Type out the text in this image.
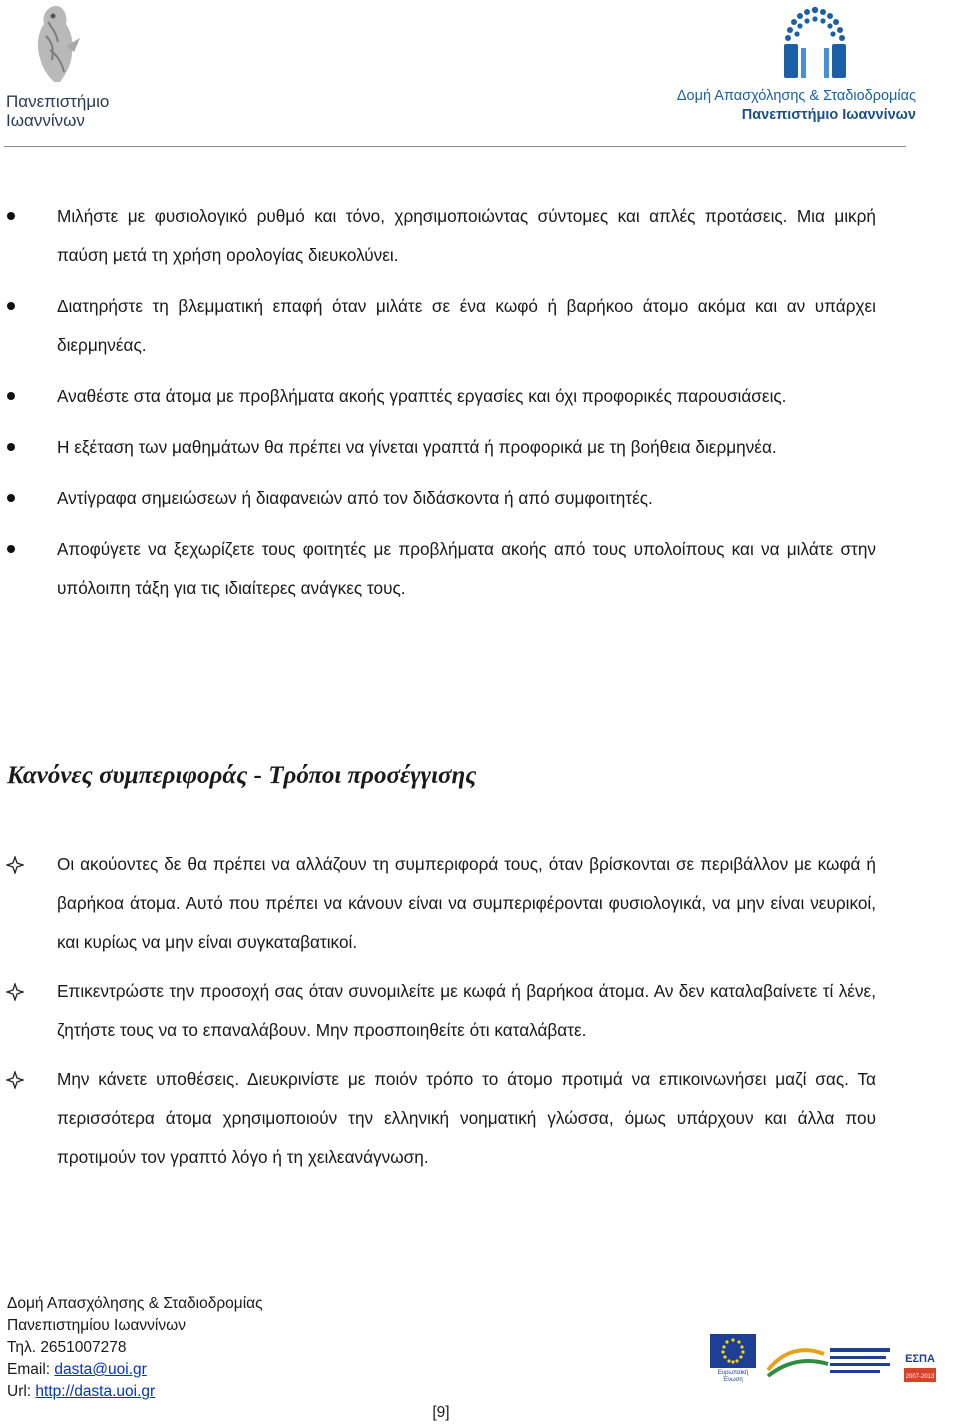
Πανεπιστήμιο
Ιωαννίνων
Δομή Απασχόλησης & Σταδιοδρομίας
Πανεπιστήμιο Ιωαννίνων
Μιλήστε με φυσιολογικό ρυθμό και τόνο, χρησιμοποιώντας σύντομες και απλές προτάσεις. Μια μικρή παύση μετά τη χρήση ορολογίας διευκολύνει.
Διατηρήστε τη βλεμματική επαφή όταν μιλάτε σε ένα κωφό ή βαρήκοο άτομο ακόμα και αν υπάρχει διερμηνέας.
Αναθέστε στα άτομα με προβλήματα ακοής γραπτές εργασίες και όχι προφορικές παρουσιάσεις.
Η εξέταση των μαθημάτων θα πρέπει να γίνεται γραπτά ή προφορικά με τη βοήθεια διερμηνέα.
Αντίγραφα σημειώσεων ή διαφανειών από τον διδάσκοντα ή από συμφοιτητές.
Αποφύγετε να ξεχωρίζετε τους φοιτητές με προβλήματα ακοής από τους υπολοίπους και να μιλάτε στην υπόλοιπη τάξη για τις ιδιαίτερες ανάγκες τους.
Κανόνες συμπεριφοράς - Τρόποι προσέγγισης
Οι ακούοντες δε θα πρέπει να αλλάζουν τη συμπεριφορά τους, όταν βρίσκονται σε περιβάλλον με κωφά ή βαρήκοα άτομα. Αυτό που πρέπει να κάνουν είναι να συμπεριφέρονται φυσιολογικά, να μην είναι νευρικοί, και κυρίως να μην είναι συγκαταβατικοί.
Επικεντρώστε την προσοχή σας όταν συνομιλείτε με κωφά ή βαρήκοα άτομα. Αν δεν καταλαβαίνετε τί λένε, ζητήστε τους να το επαναλάβουν. Μην προσποιηθείτε ότι καταλάβατε.
Μην κάνετε υποθέσεις. Διευκρινίστε με ποιόν τρόπο το άτομο προτιμά να επικοινωνήσει μαζί σας. Τα περισσότερα άτομα χρησιμοποιούν την ελληνική νοηματική γλώσσα, όμως υπάρχουν και άλλα που προτιμούν τον γραπτό λόγο ή τη χειλεανάγνωση.
Δομή Απασχόλησης & Σταδιοδρομίας
Πανεπιστημίου Ιωαννίνων
Τηλ. 2651007278
Email: dasta@uoi.gr
Url: http://dasta.uoi.gr
Ευρωπαϊκή Ένωση
ΕΣΠΑ
2007-2013
[9]
